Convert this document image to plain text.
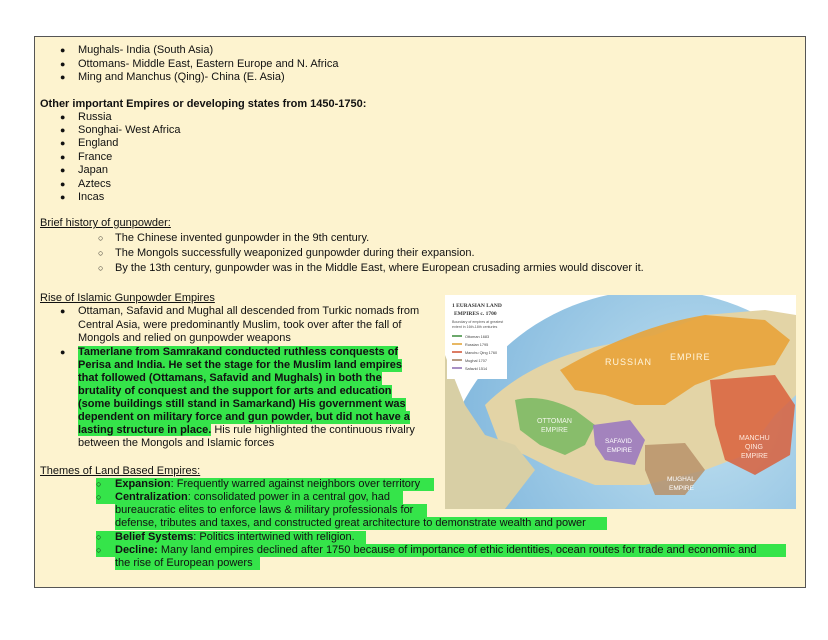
● Mughals- India (South Asia)
● Ottomans- Middle East, Eastern Europe and N. Africa
● Ming and Manchus (Qing)- China (E. Asia)
Other important Empires or developing states from 1450-1750:
● Russia
● Songhai- West Africa
● England
● France
● Japan
● Aztecs
● Incas
Brief history of gunpowder:
○ The Chinese invented gunpowder in the 9th century.
○ The Mongols successfully weaponized gunpowder during their expansion.
○ By the 13th century, gunpowder was in the Middle East, where European crusading armies would discover it.
Rise of Islamic Gunpowder Empires
● Ottaman, Safavid and Mughal all descended from Turkic nomads from
Central Asia, were predominantly Muslim, took over after the fall of
Mongols and relied on gunpowder weapons
● Tamerlane from Samrakand conducted ruthless conquests of
Perisa and India. He set the stage for the Muslim land empires
that followed (Ottamans, Safavid and Mughals) in both the
brutality of conquest and the support for arts and education
(some buildings still stand in Samarkand) His government was
dependent on military force and gun powder, but did not have a
lasting structure in place. His rule highlighted the continuous rivalry
between the Mongols and Islamic forces
1 EURASIAN LAND
EMPIRES c. 1700
Boundary of empires at greatest
extent in 16th-18th centuries
Ottoman 1683
Russian 1795
Manchu Qing 1760
Mughal 1707
Safavid 1514
RUSSIAN EMPIRE
OTTOMAN
EMPIRE
SAFAVID
EMPIRE
MUGHAL
EMPIRE
MANCHU
QING
EMPIRE
Themes of Land Based Empires:
○ Expansion: Frequently warred against neighbors over territory
○ Centralization: consolidated power in a central gov, had
bureaucratic elites to enforce laws & military professionals for
defense, tributes and taxes, and constructed great architecture to demonstrate wealth and power
○ Belief Systems: Politics intertwined with religion.
○ Decline: Many land empires declined after 1750 because of importance of ethic identities, ocean routes for trade and economic and
the rise of European powers
